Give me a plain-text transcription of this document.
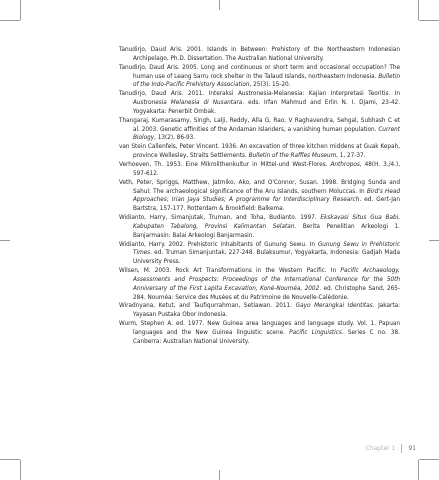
Tanudirjo, Daud Aris. 2001. Islands in Between: Prehistory of the Northeastern Indonesian Archipelago, Ph.D. Dissertation. The Australian National University.

Tanudirjo, Daud Aris. 2005. Long and continuous or short term and occasional occupation? The human use of Leang Sarru rock shelter in the Talaud Islands, northeastern Indonesia. Bulletin of the Indo-Pacific Prehistory Association, 25(3), 15-20.

Tanudirjo, Daud Aris. 2011. Interaksi Austronesia-Melanesia: Kajian Interpretasi Teoritis. In Austronesia Melanesia di Nusantara. eds. Irfan Mahmud and Erlin N. I. Djami, 23-42. Yogyakarta: Penerbit Ombak.

Thangaraj, Kumarasamy, Singh, Lalji, Reddy, Alla G, Rao, V Raghavendra, Sehgal, Subhash C et al. 2003. Genetic affinities of the Andaman Islanders, a vanishing human population. Current Biology, 13(2), 86-93.

van Stein Callenfels, Peter Vincent. 1936. An excavation of three kitchen middens at Guak Kepah, province Wellesley, Straits Settlements. Bulletin of the Raffles Museum, 1, 27-37.

Verhoeven, Th. 1953. Eine Mikrolithenkultur in Mittel-und West-Flores. Anthropos, 48(H. 3./4.), 597-612.

Veth, Peter, Spriggs, Matthew, Jatmiko, Ako, and O'Connor, Susan. 1998. Bridging Sunda and Sahul: The archaeological significance of the Aru Islands, southern Moluccas. In Bird's Head Approaches; Irian Jaya Studies; A programme for Interdisciplinary Research. ed. Gert-Jan Bartstra, 157-177. Rotterdam & Brookfield: Balkema.

Widianto, Harry, Simanjutak, Truman, and Toha, Budianto. 1997. Ekskavasi Situs Gua Babi, Kabupaten Tabalong, Provinsi Kalimantan Selatan. Berita Penelitian Arkeologi 1. Banjarmasin: Balai Arkeologi Banjarmasin.

Widianto, Harry. 2002. Prehistoric inhabitants of Gunung Sewu. In Gunung Sewu in Prehistoric Times. ed. Truman Simanjuntak, 227-248. Bulaksumur, Yogyakarta, Indonesia: Gadjah Mada University Press.

Wilsen, M. 2003. Rock Art Transformations in the Western Pacific. In Pacific Archaeology, Assessments and Prospects: Proceedings of the International Conference for the 50th Anniversary of the First Lapita Excavation, Koné-Nouméa, 2002. ed. Christophe Sand, 265-284. Nouméa: Service des Musées et du Patrimoine de Nouvelle-Calédonie.

Wiradnyana, Ketut, and Taufiqurrahman, Setiawan. 2011. Gayo Merangkai Identitas. Jakarta: Yayasan Pustaka Obor Indonesia.

Wurm, Stephen A. ed. 1977. New Guinea area languages and language study. Vol. 1. Papuan languages and the New Guinea linguistic scene. Pacific Linguistics. Series C no. 38. Canberra: Australian National University.

Chapter 1 91
